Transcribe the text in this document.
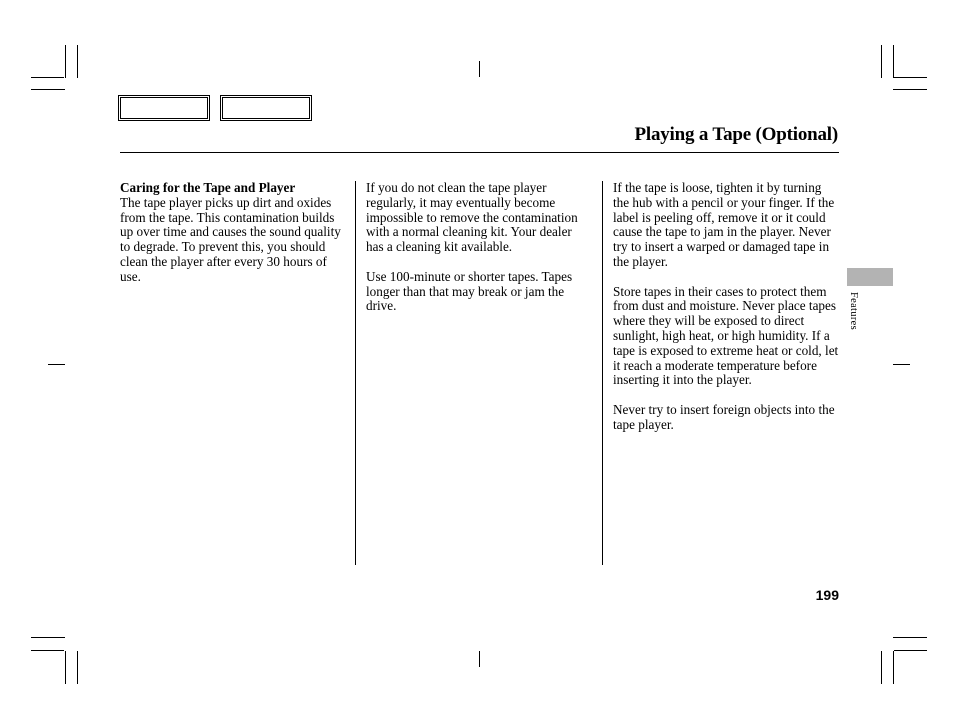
Playing a Tape (Optional)
Caring for the Tape and Player

The tape player picks up dirt and oxides from the tape. This contamination builds up over time and causes the sound quality to degrade. To prevent this, you should clean the player after every 30 hours of use.

If you do not clean the tape player regularly, it may eventually become impossible to remove the contamination with a normal cleaning kit. Your dealer has a cleaning kit available.

Use 100-minute or shorter tapes. Tapes longer than that may break or jam the drive.

If the tape is loose, tighten it by turning the hub with a pencil or your finger. If the label is peeling off, remove it or it could cause the tape to jam in the player. Never try to insert a warped or damaged tape in the player.

Store tapes in their cases to protect them from dust and moisture. Never place tapes where they will be exposed to direct sunlight, high heat, or high humidity. If a tape is exposed to extreme heat or cold, let it reach a moderate temperature before inserting it into the player.

Never try to insert foreign objects into the tape player.

Features
199
